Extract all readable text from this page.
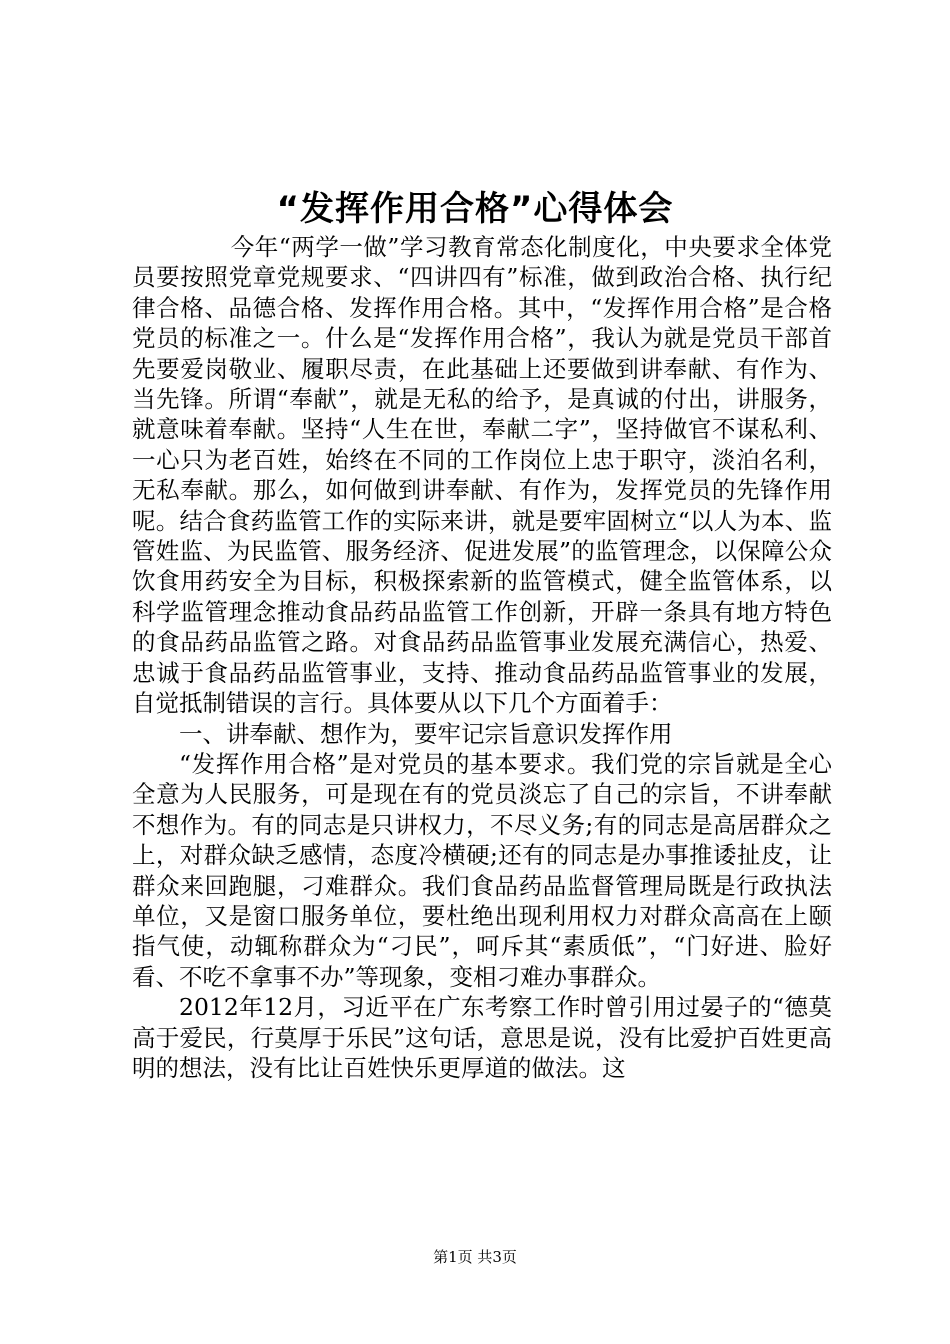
“发挥作用合格”心得体会

今年“两学一做”学习教育常态化制度化，中央要求全体党员要按照党章党规要求、“四讲四有”标准，做到政治合格、执行纪律合格、品德合格、发挥作用合格。其中，“发挥作用合格”是合格党员的标准之一。什么是“发挥作用合格”，我认为就是党员干部首先要爱岗敬业、履职尽责，在此基础上还要做到讲奉献、有作为、当先锋。所谓“奉献”，就是无私的给予，是真诚的付出，讲服务，就意味着奉献。坚持“人生在世，奉献二字”，坚持做官不谋私利、一心只为老百姓，始终在不同的工作岗位上忠于职守，淡泊名利，无私奉献。那么，如何做到讲奉献、有作为，发挥党员的先锋作用呢。结合食药监管工作的实际来讲，就是要牢固树立“以人为本、监管姓监、为民监管、服务经济、促进发展”的监管理念，以保障公众饮食用药安全为目标，积极探索新的监管模式，健全监管体系，以科学监管理念推动食品药品监管工作创新，开辟一条具有地方特色的食品药品监管之路。对食品药品监管事业发展充满信心，热爱、忠诚于食品药品监管事业，支持、推动食品药品监管事业的发展，自觉抵制错误的言行。具体要从以下几个方面着手：

一、讲奉献、想作为，要牢记宗旨意识发挥作用

“发挥作用合格”是对党员的基本要求。我们党的宗旨就是全心全意为人民服务，可是现在有的党员淡忘了自己的宗旨，不讲奉献不想作为。有的同志是只讲权力，不尽义务;有的同志是高居群众之上，对群众缺乏感情，态度冷横硬;还有的同志是办事推诿扯皮，让群众来回跑腿，刁难群众。我们食品药品监督管理局既是行政执法单位，又是窗口服务单位，要杜绝出现利用权力对群众高高在上颐指气使，动辄称群众为“刁民”，呵斥其“素质低”，“门好进、脸好看、不吃不拿事不办”等现象，变相刁难办事群众。

2012年12月，习近平在广东考察工作时曾引用过晏子的“德莫高于爱民，行莫厚于乐民”这句话，意思是说，没有比爱护百姓更高明的想法，没有比让百姓快乐更厚道的做法。这

第1页 共3页
